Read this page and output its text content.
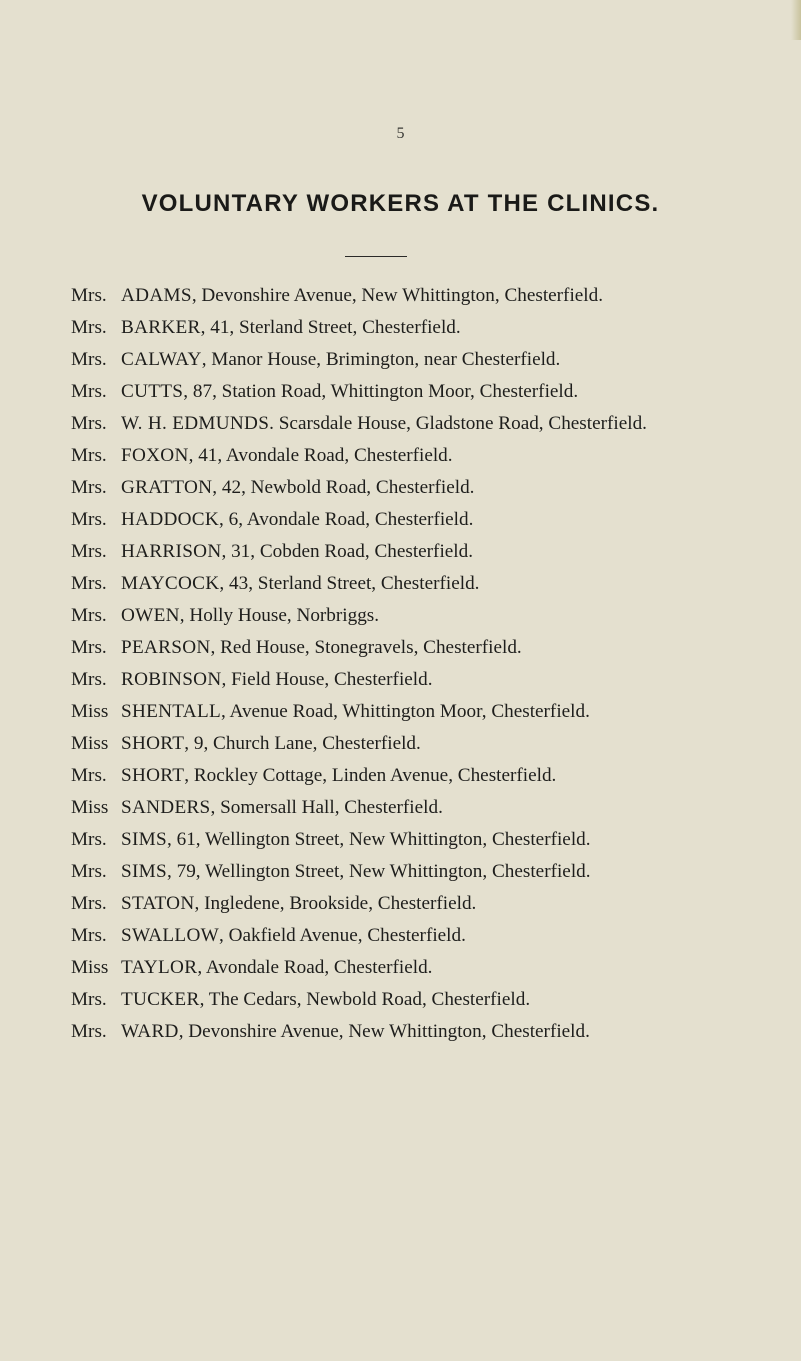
5
VOLUNTARY WORKERS AT THE CLINICS.
Mrs. ADAMS, Devonshire Avenue, New Whittington, Chesterfield.
Mrs. BARKER, 41, Sterland Street, Chesterfield.
Mrs. CALWAY, Manor House, Brimington, near Chesterfield.
Mrs. CUTTS, 87, Station Road, Whittington Moor, Chesterfield.
Mrs. W. H. EDMUNDS. Scarsdale House, Gladstone Road, Chesterfield.
Mrs. FOXON, 41, Avondale Road, Chesterfield.
Mrs. GRATTON, 42, Newbold Road, Chesterfield.
Mrs. HADDOCK, 6, Avondale Road, Chesterfield.
Mrs. HARRISON, 31, Cobden Road, Chesterfield.
Mrs. MAYCOCK, 43, Sterland Street, Chesterfield.
Mrs. OWEN, Holly House, Norbriggs.
Mrs. PEARSON, Red House, Stonegravels, Chesterfield.
Mrs. ROBINSON, Field House, Chesterfield.
Miss SHENTALL, Avenue Road, Whittington Moor, Chesterfield.
Miss SHORT, 9, Church Lane, Chesterfield.
Mrs. SHORT, Rockley Cottage, Linden Avenue, Chesterfield.
Miss SANDERS, Somersall Hall, Chesterfield.
Mrs. SIMS, 61, Wellington Street, New Whittington, Chesterfield.
Mrs. SIMS, 79, Wellington Street, New Whittington, Chesterfield.
Mrs. STATON, Ingledene, Brookside, Chesterfield.
Mrs. SWALLOW, Oakfield Avenue, Chesterfield.
Miss TAYLOR, Avondale Road, Chesterfield.
Mrs. TUCKER, The Cedars, Newbold Road, Chesterfield.
Mrs. WARD, Devonshire Avenue, New Whittington, Chesterfield.
